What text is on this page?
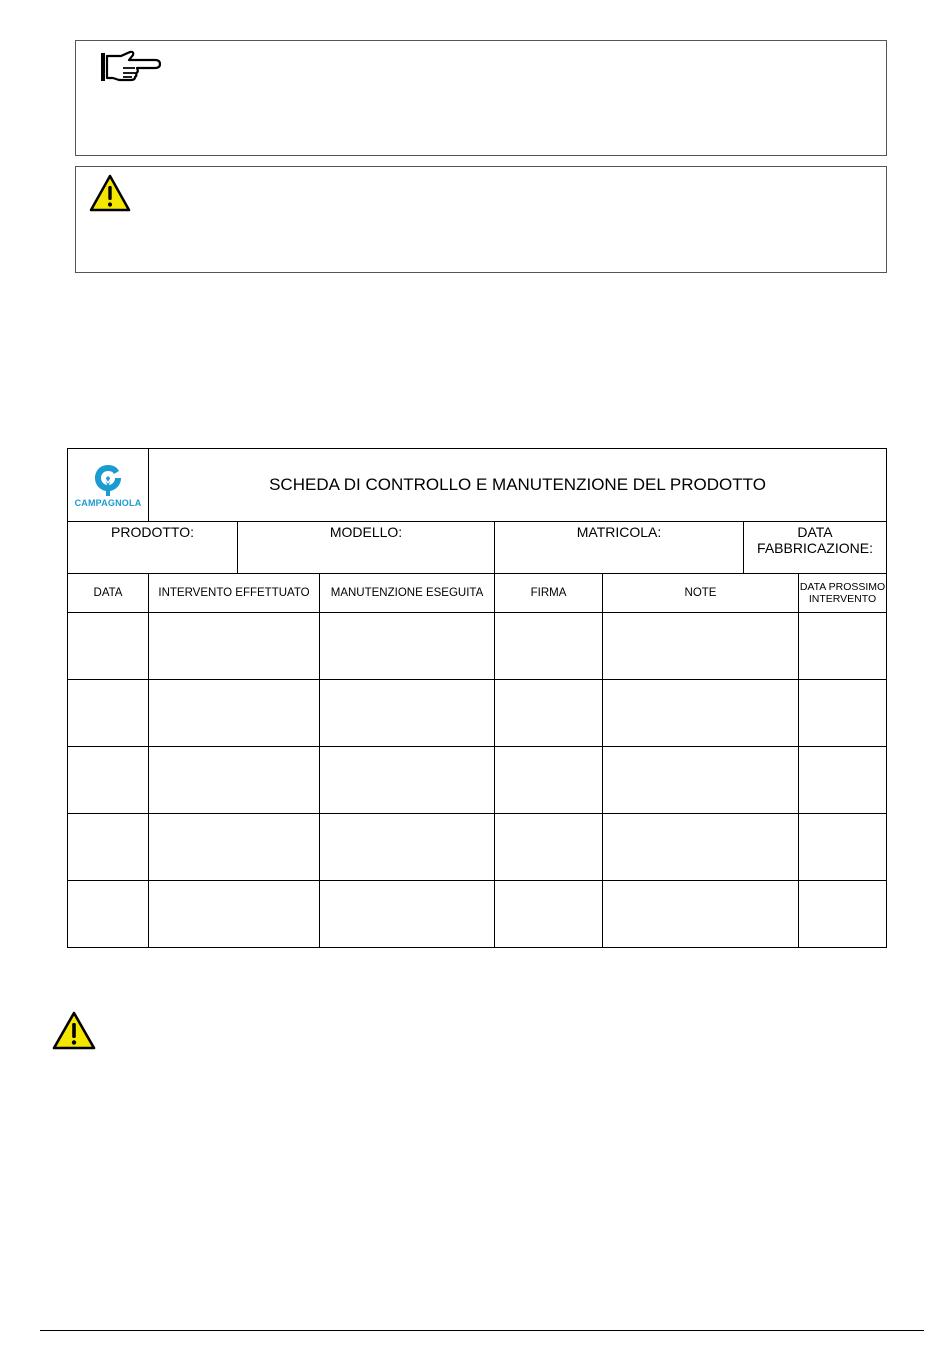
CAMPAGNOLA	SCHEDA DI CONTROLLO E MANUTENZIONE DEL PRODOTTO						
PRODOTTO:		MODELLO:		MATRICOLA:		DATA FABBRICAZIONE:	
DATA	INTERVENTO EFFETTUATO		MANUTENZIONE ESEGUITA	FIRMA	NOTE		DATA PROSSIMO INTERVENTO
